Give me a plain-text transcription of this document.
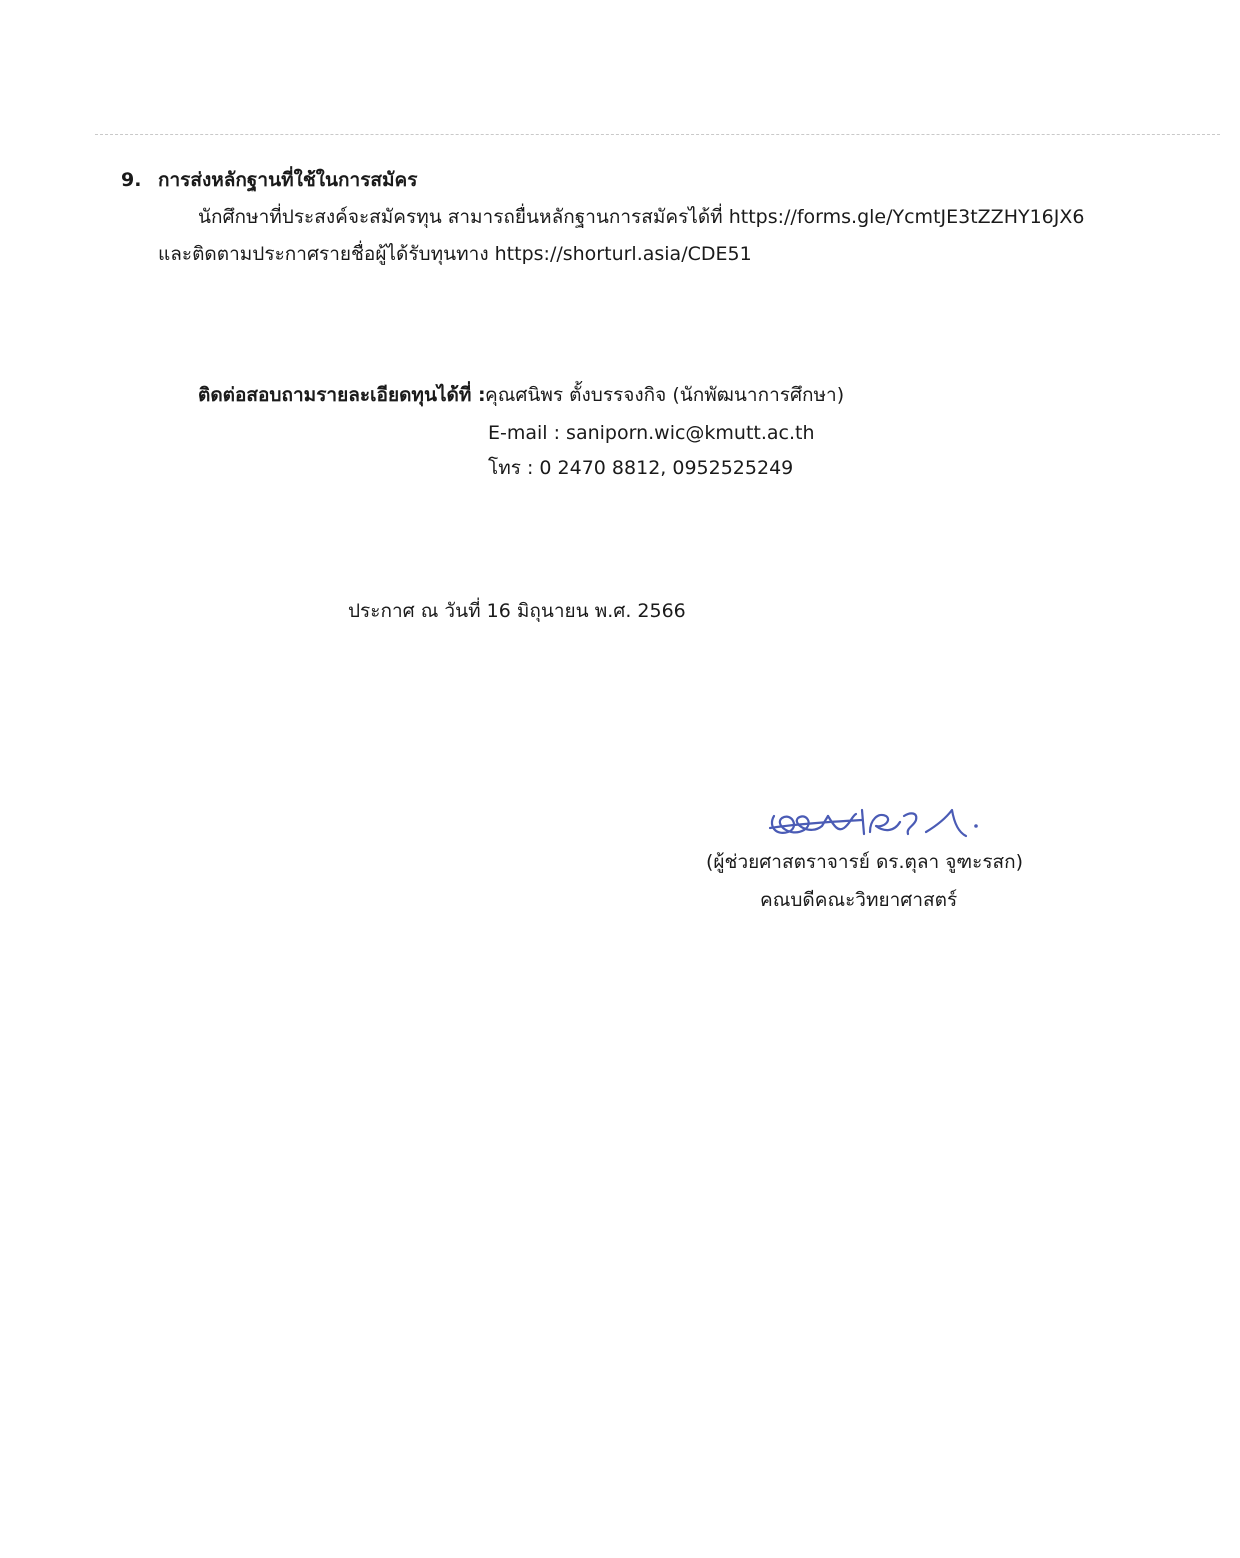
9. การส่งหลักฐานที่ใช้ในการสมัคร
นักศึกษาที่ประสงค์จะสมัครทุน สามารถยื่นหลักฐานการสมัครได้ที่ https://forms.gle/YcmtJE3tZZHY16JX6
และติดตามประกาศรายชื่อผู้ได้รับทุนทาง https://shorturl.asia/CDE51
ติดต่อสอบถามรายละเอียดทุนได้ที่ : คุณศนิพร ตั้งบรรจงกิจ (นักพัฒนาการศึกษา)
E-mail : saniporn.wic@kmutt.ac.th
โทร : 0 2470 8812, 0952525249
ประกาศ ณ วันที่ 16 มิถุนายน พ.ศ. 2566
(ผู้ช่วยศาสตราจารย์ ดร.ตุลา จูฑะรสก)
คณบดีคณะวิทยาศาสตร์
